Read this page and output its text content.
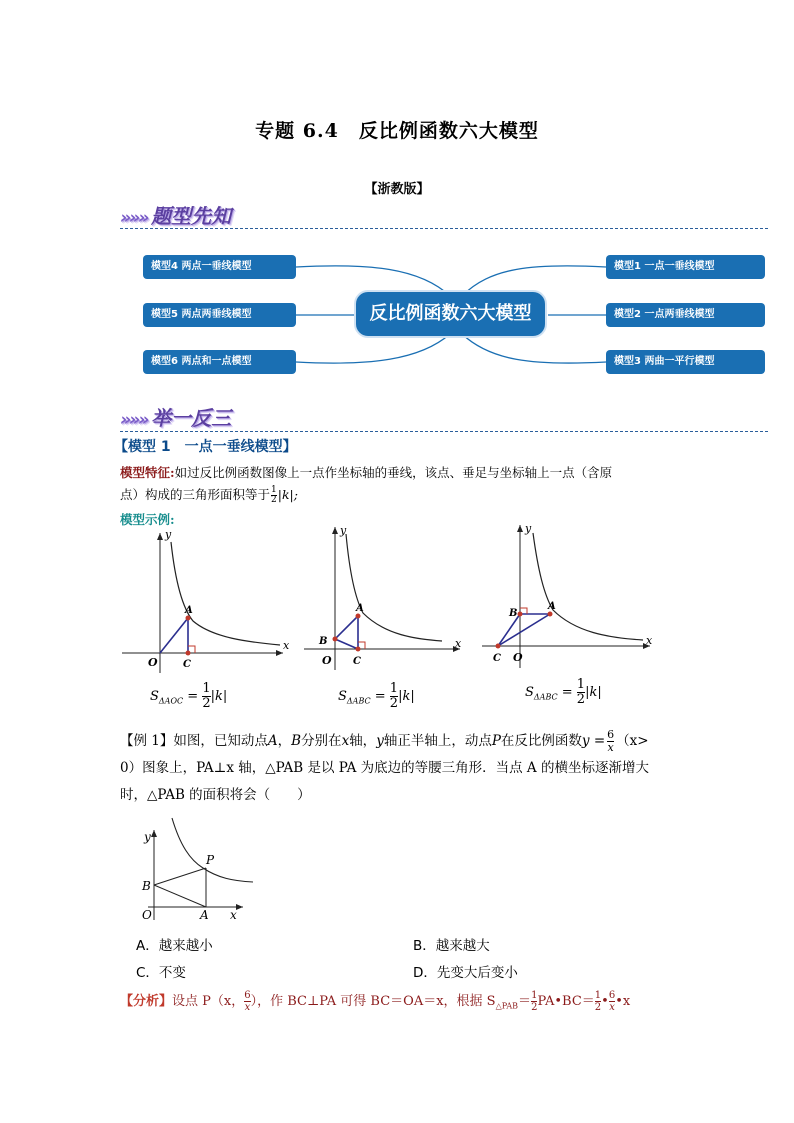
专题 6.4　反比例函数六大模型
【浙教版】
»»» 题型先知
模型4 两点一垂线模型
模型5 两点两垂线模型
模型6 两点和一点模型
模型1 一点一垂线模型
模型2 一点两垂线模型
模型3 两曲一平行模型
反比例函数六大模型
»»» 举一反三
【模型 1　一点一垂线模型】
模型特征:如过反比例函数图像上一点作坐标轴的垂线，该点、垂足与坐标轴上一点（含原
点）构成的三角形面积等于 $\frac{1}{2} |k|$;
模型示例:
y
x
O
A
C
y
x
O
A
B
C
y
x
O
A
B
C
$S_{\Delta AOC} = \frac{1}{2} |k|$	$S_{\Delta ABC} = \frac{1}{2} |k|$	$S_{\Delta ABC} = \frac{1}{2} |k|$
【例 1】如图，已知动点A，B分别在x轴，y轴正半轴上，动点P在反比例函数$y = \frac{6}{x} (x>$
0）图象上，PA⊥x 轴，△PAB 是以 PA 为底边的等腰三角形．当点 A 的横坐标逐渐增大
时，△PAB 的面积将会（　　）
y
x
O
B
P
A
A．越来越小	B．越来越大
C．不变	D．先变大后变小
【分析】设点 P（x， $\frac{6}{x}$ ），作 BC⊥PA 可得 BC＝OA＝x，根据 $S_{\triangle PAB}= \frac{1}{2}$ PA•BC＝ $\frac{1}{2}$ • $\frac{6}{x}$ •x
